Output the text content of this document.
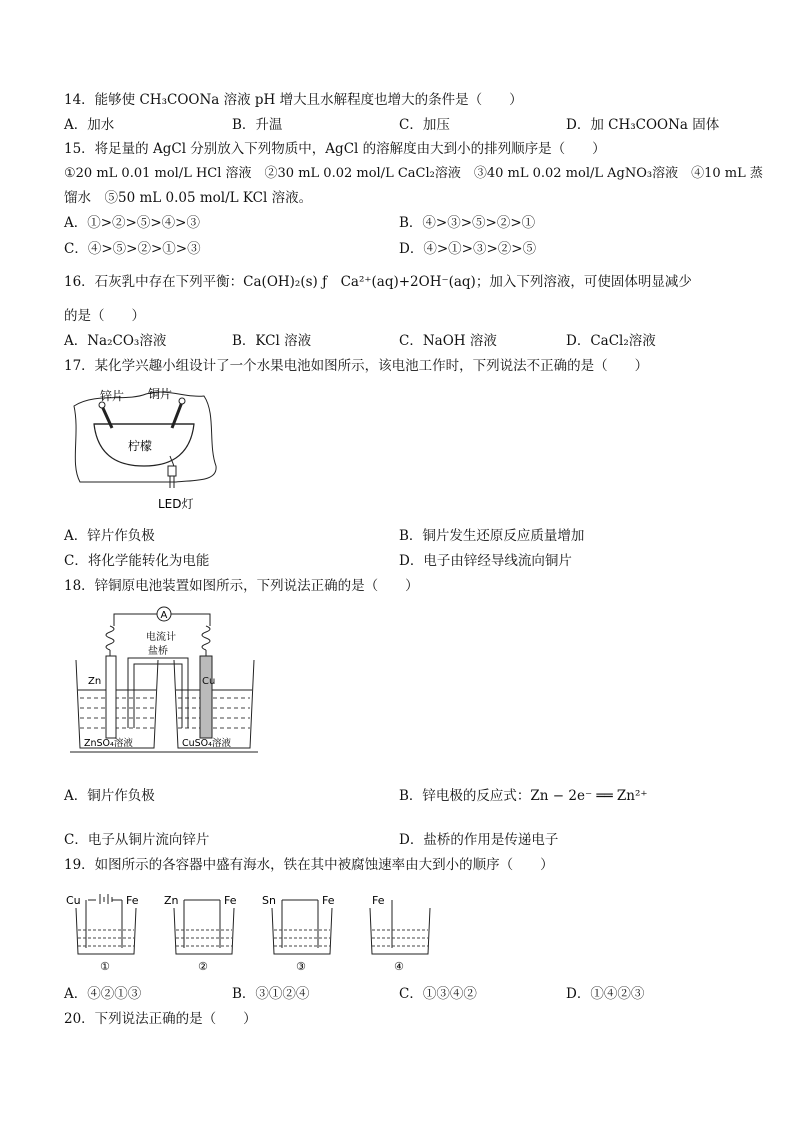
14．能够使 CH₃COONa 溶液 pH 增大且水解程度也增大的条件是（　　）
A．加水	B．升温	C．加压	D．加 CH₃COONa 固体
15．将足量的 AgCl 分别放入下列物质中，AgCl 的溶解度由大到小的排列顺序是（　　）
①20 mL 0.01 mol/L HCl 溶液　②30 mL 0.02 mol/L CaCl₂溶液　③40 mL 0.02 mol/L AgNO₃溶液　④10 mL 蒸
馏水　⑤50 mL 0.05 mol/L KCl 溶液。
A．①>②>⑤>④>③	B．④>③>⑤>②>①
C．④>⑤>②>①>③	D．④>①>③>②>⑤
16．石灰乳中存在下列平衡：Ca(OH)₂(s) ƒ　Ca²⁺(aq)+2OH⁻(aq)；加入下列溶液，可使固体明显减少
的是（　　）
A．Na₂CO₃溶液	B．KCl 溶液	C．NaOH 溶液	D．CaCl₂溶液
17．某化学兴趣小组设计了一个水果电池如图所示，该电池工作时，下列说法不正确的是（　　）
锌片 铜片
柠檬
LED灯
A．锌片作负极	B．铜片发生还原反应质量增加
C．将化学能转化为电能	D．电子由锌经导线流向铜片
18．锌铜原电池装置如图所示，下列说法正确的是（　　）
A
电流计
Zn	Cu
盐桥
ZnSO₄溶液	CuSO₄溶液
A．铜片作负极	B．锌电极的反应式：Zn − 2e⁻ ══ Zn²⁺
C．电子从铜片流向锌片	D．盐桥的作用是传递电子
19．如图所示的各容器中盛有海水，铁在其中被腐蚀速率由大到小的顺序（　　）
Cu	Fe
①
Zn	Fe
②
Sn	Fe
③
Fe
④
A．④②①③	B．③①②④	C．①③④②	D．①④②③
20．下列说法正确的是（　　）
